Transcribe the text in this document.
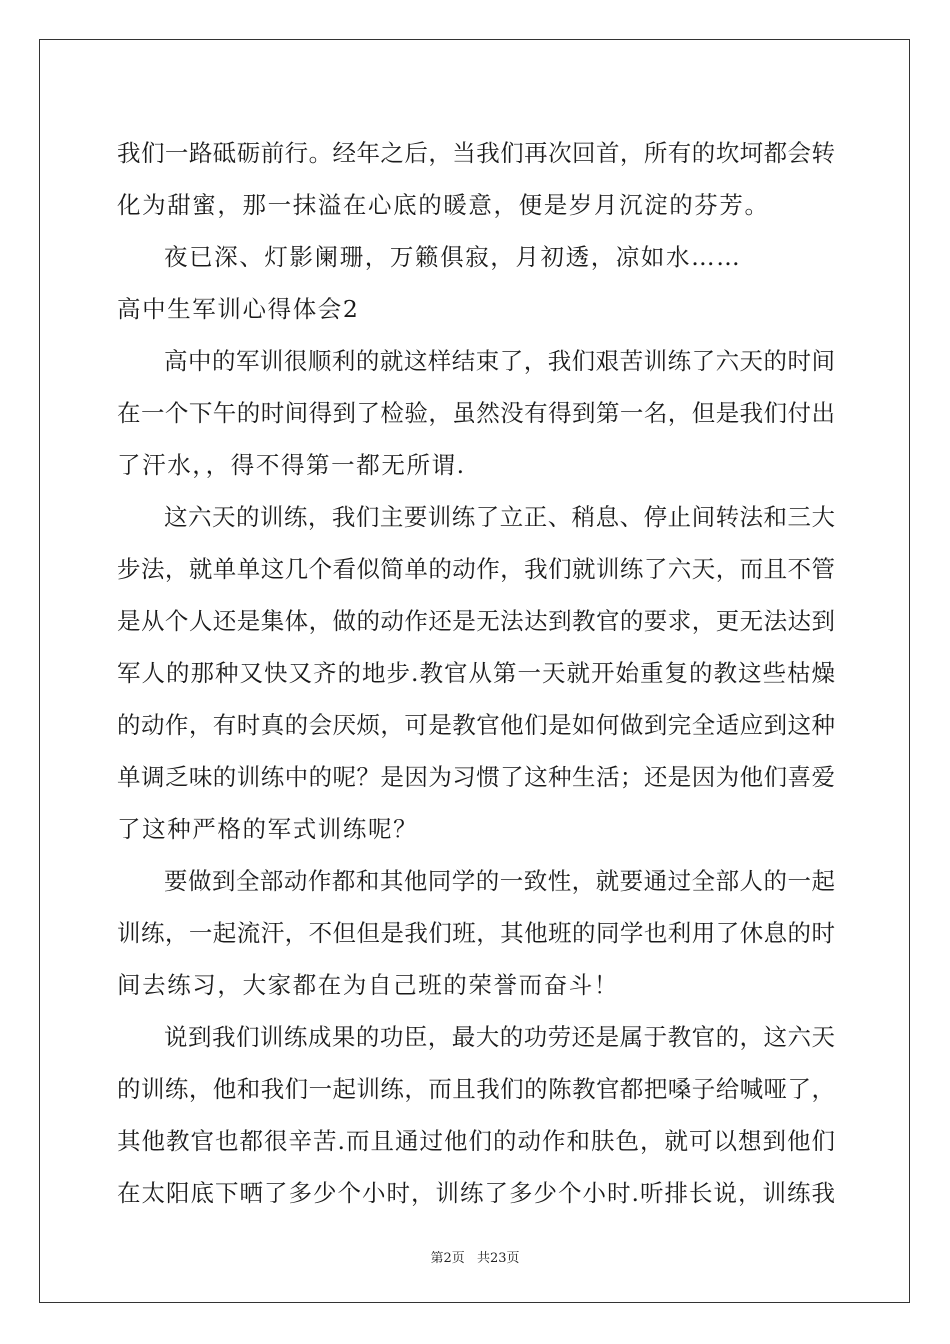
我们一路砥砺前行。经年之后，当我们再次回首，所有的坎坷都会转
化为甜蜜，那一抹溢在心底的暖意，便是岁月沉淀的芬芳。
夜已深、灯影阑珊，万籁俱寂，月初透，凉如水……
高中生军训心得体会2
高中的军训很顺利的就这样结束了，我们艰苦训练了六天的时间
在一个下午的时间得到了检验，虽然没有得到第一名，但是我们付出
了汗水，，得不得第一都无所谓.
这六天的训练，我们主要训练了立正、稍息、停止间转法和三大
步法，就单单这几个看似简单的动作，我们就训练了六天，而且不管
是从个人还是集体，做的动作还是无法达到教官的要求，更无法达到
军人的那种又快又齐的地步.教官从第一天就开始重复的教这些枯燥
的动作，有时真的会厌烦，可是教官他们是如何做到完全适应到这种
单调乏味的训练中的呢？是因为习惯了这种生活；还是因为他们喜爱
了这种严格的军式训练呢？
要做到全部动作都和其他同学的一致性，就要通过全部人的一起
训练，一起流汗，不但但是我们班，其他班的同学也利用了休息的时
间去练习，大家都在为自己班的荣誉而奋斗！
说到我们训练成果的功臣，最大的功劳还是属于教官的，这六天
的训练，他和我们一起训练，而且我们的陈教官都把嗓子给喊哑了，
其他教官也都很辛苦.而且通过他们的动作和肤色，就可以想到他们
在太阳底下晒了多少个小时，训练了多少个小时.听排长说，训练我
第2页 共23页
